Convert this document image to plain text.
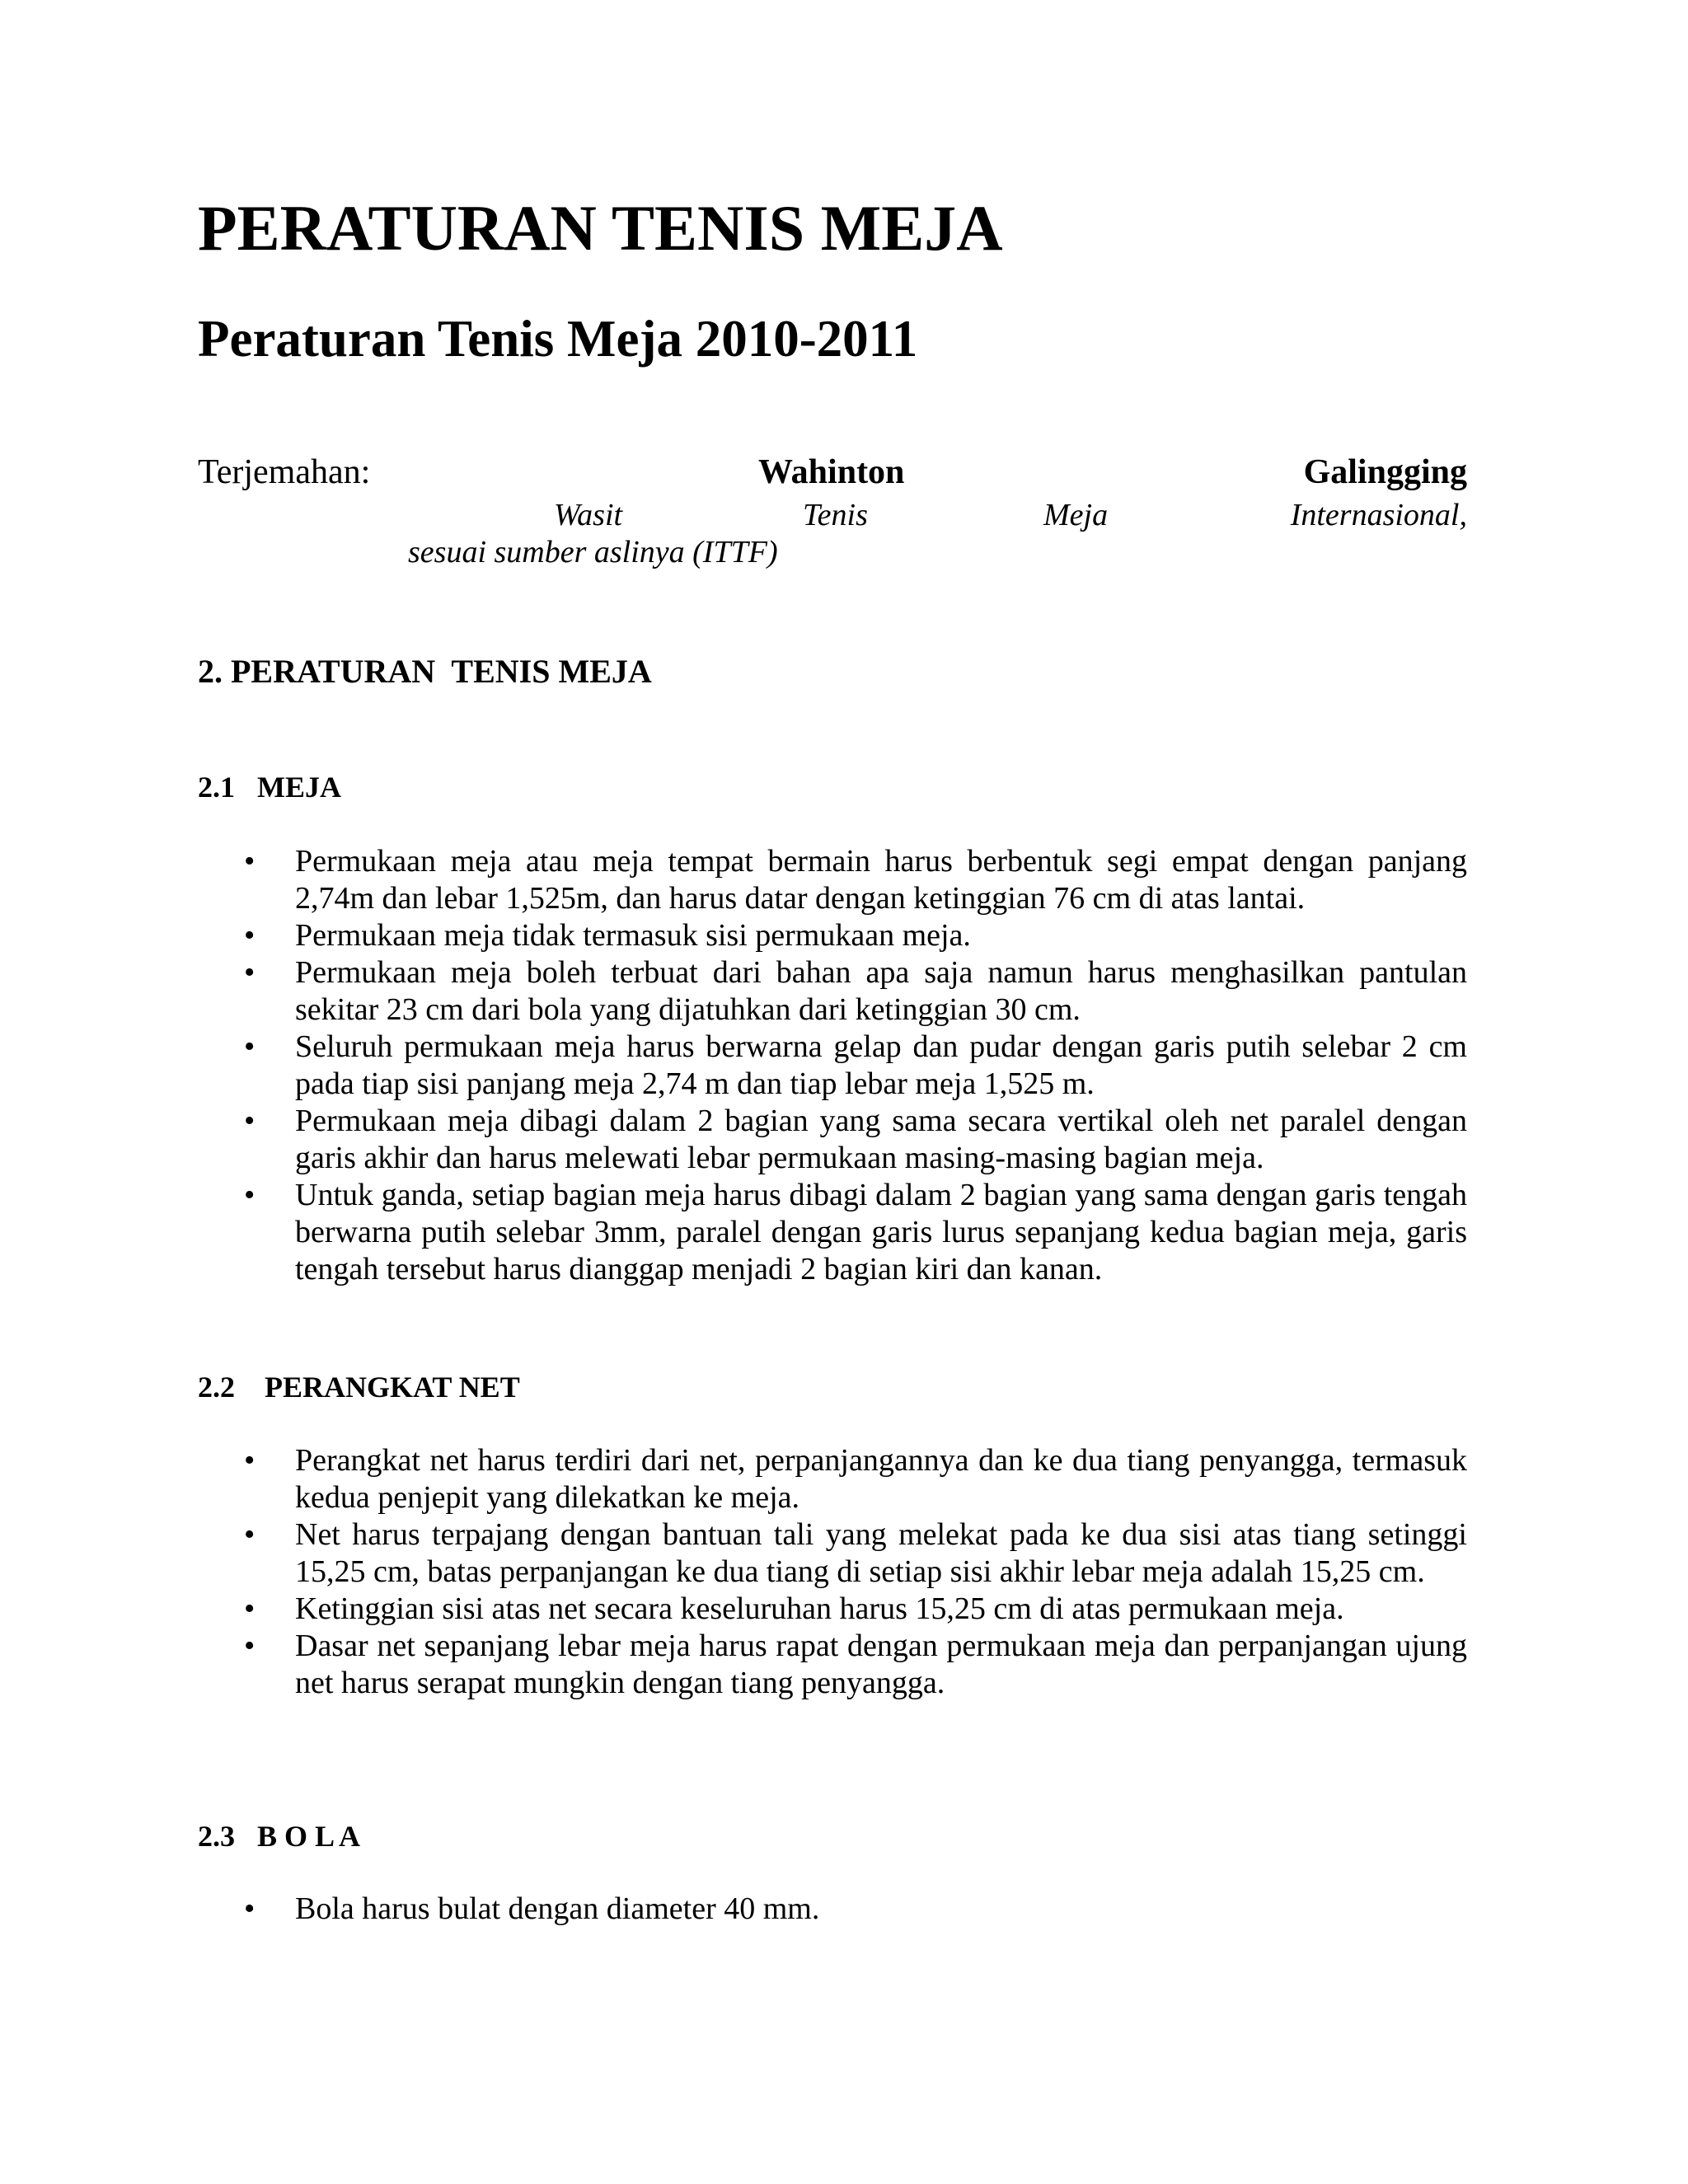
PERATURAN TENIS MEJA
Peraturan Tenis Meja 2010-2011
Terjemahan:	Wahinton	Galingging
Wasit	Tenis	Meja	Internasional,
sesuai sumber aslinya (ITTF)
2. PERATURAN  TENIS MEJA
2.1   MEJA
• Permukaan meja atau meja tempat bermain harus berbentuk segi empat dengan panjang 2,74m dan lebar 1,525m, dan harus datar dengan ketinggian 76 cm di atas lantai.
• Permukaan meja tidak termasuk sisi permukaan meja.
• Permukaan meja boleh terbuat dari bahan apa saja namun harus menghasilkan pantulan sekitar 23 cm dari bola yang dijatuhkan dari ketinggian 30 cm.
• Seluruh permukaan meja harus berwarna gelap dan pudar dengan garis putih selebar 2 cm pada tiap sisi panjang meja 2,74 m dan tiap lebar meja 1,525 m.
• Permukaan meja dibagi dalam 2 bagian yang sama secara vertikal oleh net paralel dengan garis akhir dan harus melewati lebar permukaan masing-masing bagian meja.
• Untuk ganda, setiap bagian meja harus dibagi dalam 2 bagian yang sama dengan garis tengah berwarna putih selebar 3mm, paralel dengan garis lurus sepanjang kedua bagian meja, garis tengah tersebut harus dianggap menjadi 2 bagian kiri dan kanan.
2.2    PERANGKAT NET
• Perangkat net harus terdiri dari net, perpanjangannya dan ke dua tiang penyangga, termasuk kedua penjepit yang dilekatkan ke meja.
• Net harus terpajang dengan bantuan tali yang melekat pada ke dua sisi atas tiang setinggi 15,25 cm, batas perpanjangan ke dua tiang di setiap sisi akhir lebar meja adalah 15,25 cm.
• Ketinggian sisi atas net secara keseluruhan harus 15,25 cm di atas permukaan meja.
• Dasar net sepanjang lebar meja harus rapat dengan permukaan meja dan perpanjangan ujung net harus serapat mungkin dengan tiang penyangga.
2.3   B O L A
• Bola harus bulat dengan diameter 40 mm.
